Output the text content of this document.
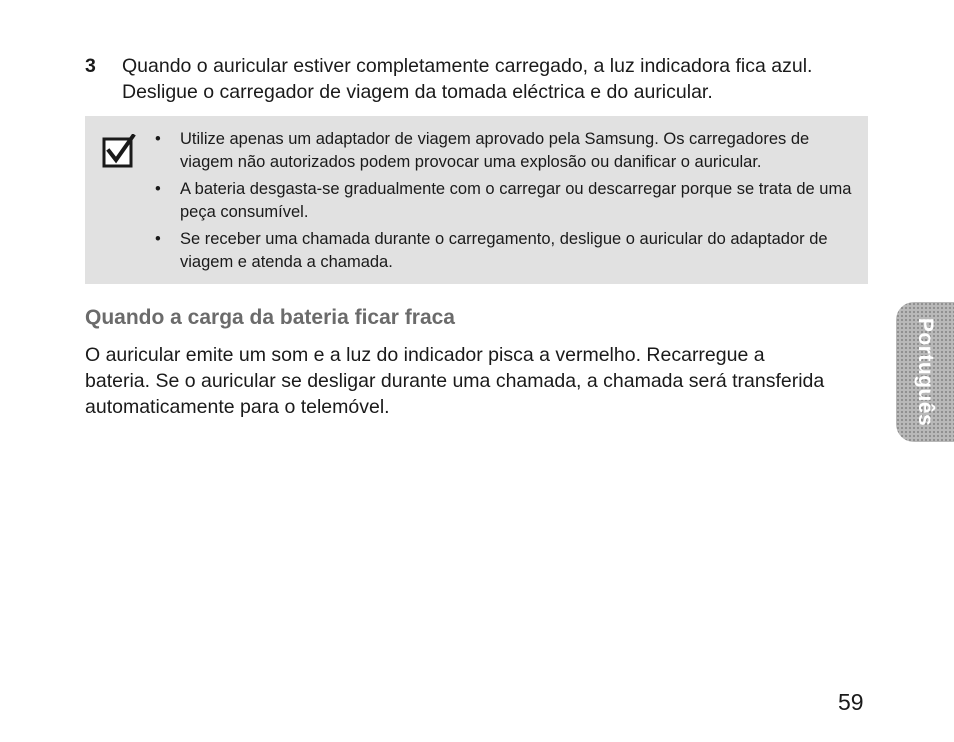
3 Quando o auricular estiver completamente carregado, a luz indicadora fica azul. Desligue o carregador de viagem da tomada eléctrica e do auricular.
• Utilize apenas um adaptador de viagem aprovado pela Samsung. Os carregadores de viagem não autorizados podem provocar uma explosão ou danificar o auricular.
• A bateria desgasta-se gradualmente com o carregar ou descarregar porque se trata de uma peça consumível.
• Se receber uma chamada durante o carregamento, desligue o auricular do adaptador de viagem e atenda a chamada.
Quando a carga da bateria ficar fraca

O auricular emite um som e a luz do indicador pisca a vermelho. Recarregue a bateria. Se o auricular se desligar durante uma chamada, a chamada será transferida automaticamente para o telemóvel.	Português
59
